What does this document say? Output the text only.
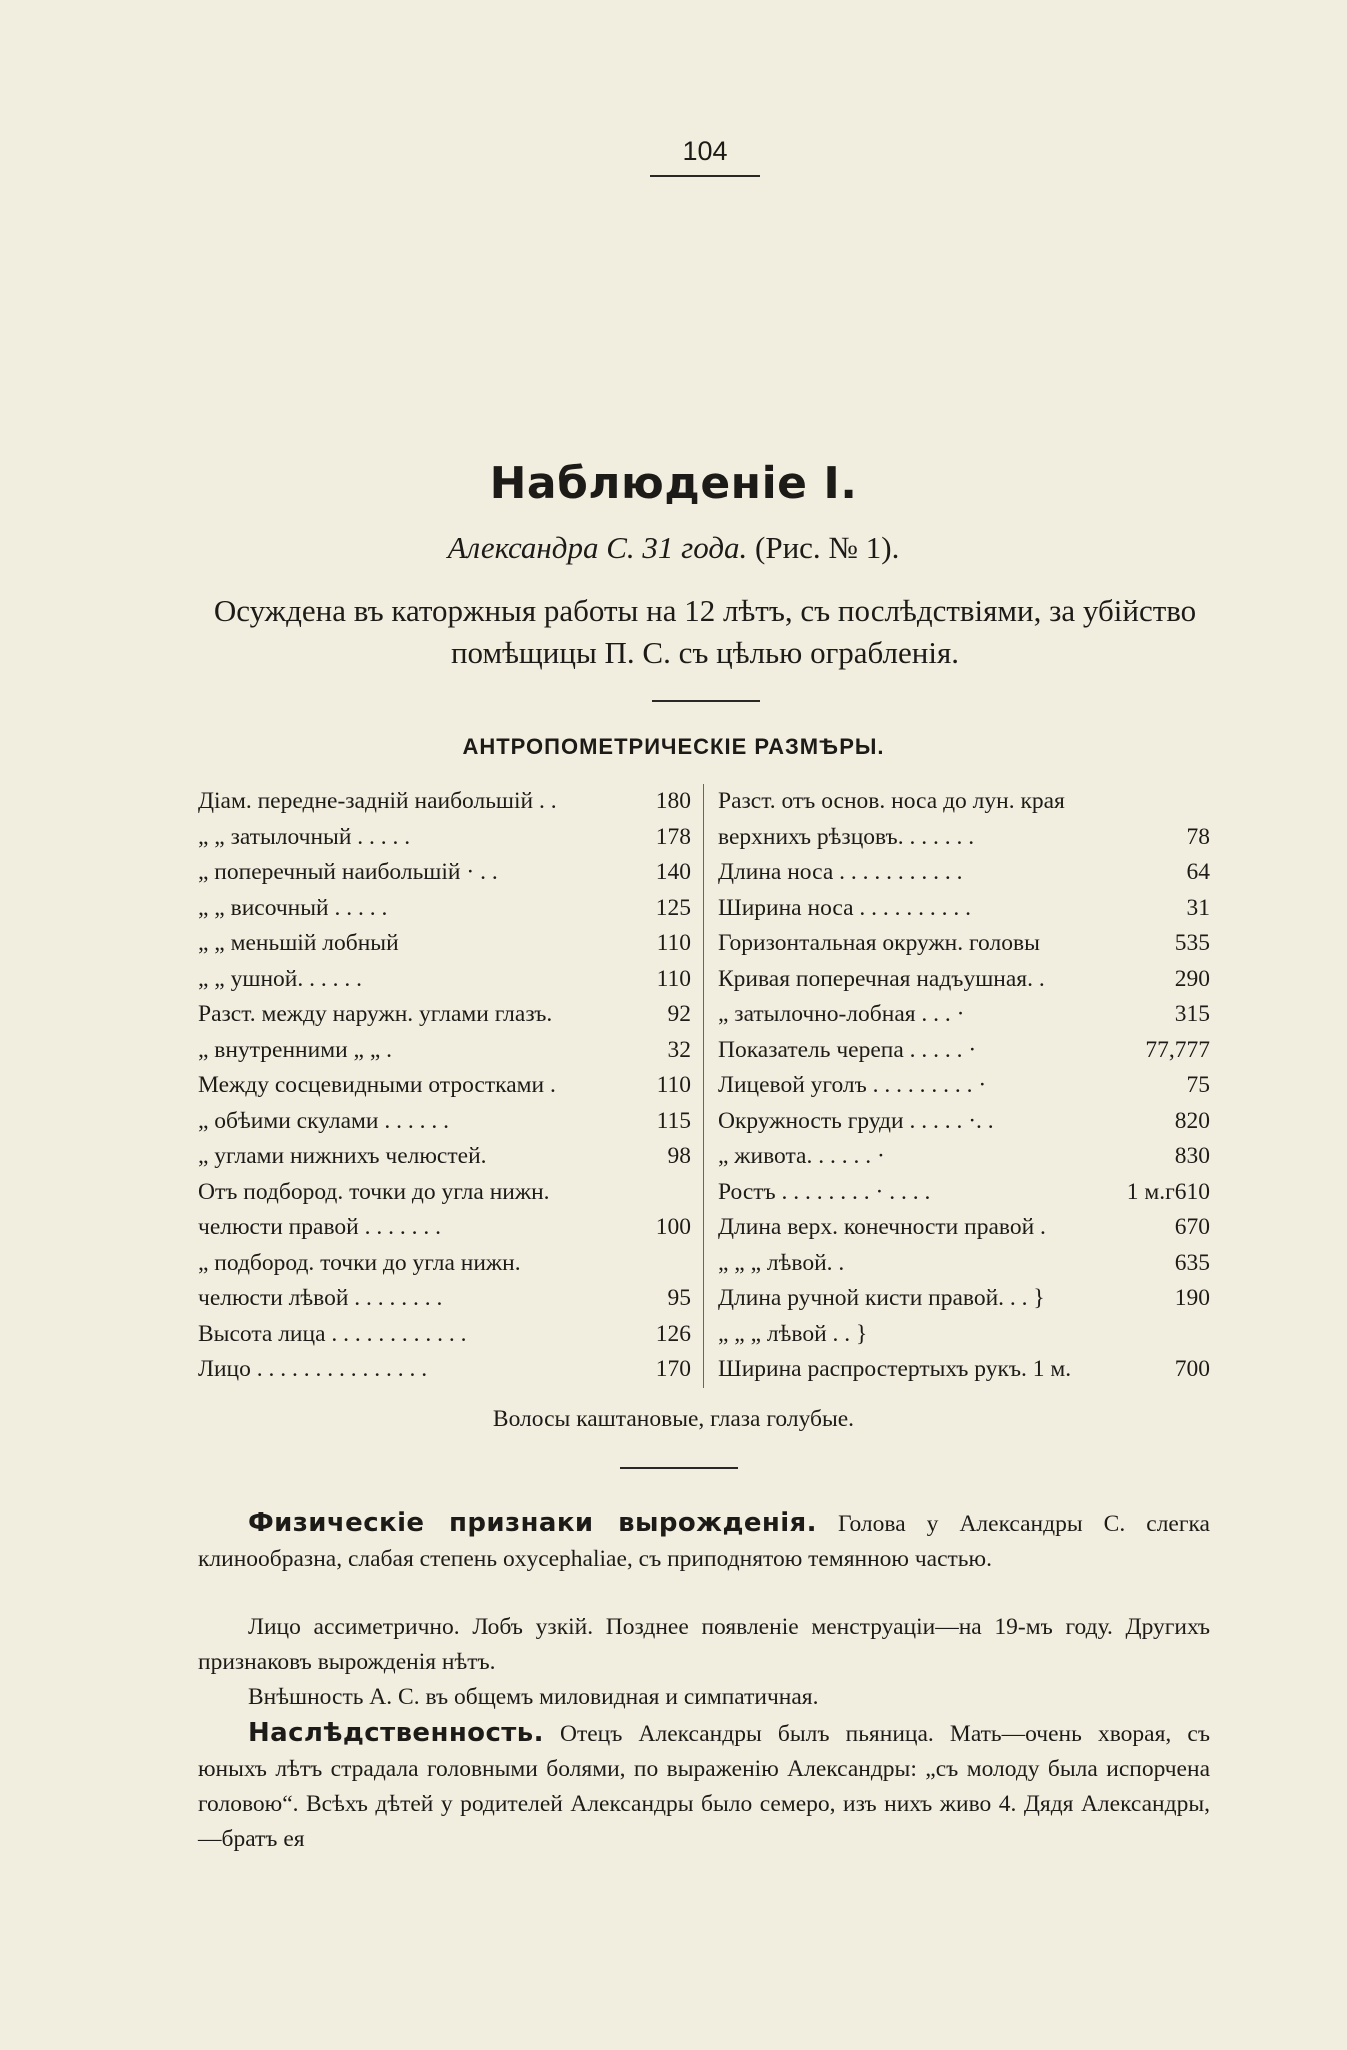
104
Наблюденіе I.
Александра С. 31 года. (Рис. № 1).
Осуждена въ каторжныя работы на 12 лѣтъ, съ послѣдствіями, за убійство помѣщицы П. С. съ цѣлью ограбленія.
АНТРОПОМЕТРИЧЕСКІЕ РАЗМѢРЫ.
Діам. передне-задній наибольшій . .	180
„ „ затылочный . . . . .	178
„ поперечный наибольшій · . .	140
„ „ височный . . . . .	125
„ „ меньшій лобный	110
„ „ ушной. . . . . .	110
Разст. между наружн. углами глазъ.	92
„ внутренними „ „ .	32
Между сосцевидными отростками .	110
„ обѣими скулами . . . . . .	115
„ углами нижнихъ челюстей.	98
Отъ подбород. точки до угла нижн.
челюсти правой . . . . . . .	100
„ подбород. точки до угла нижн.
челюсти лѣвой . . . . . . . .	95
Высота лица . . . . . . . . . . . .	126
Лицо . . . . . . . . . . . . . . .	170
Разст. отъ основ. носа до лун. края
верхнихъ рѣзцовъ. . . . . . .	78
Длина носа . . . . . . . . . . .	64
Ширина носа . . . . . . . . . .	31
Горизонтальная окружн. головы	535
Кривая поперечная надъушная. .	290
„ затылочно-лобная . . . ·	315
Показатель черепа . . . . . ·	77,777
Лицевой уголъ . . . . . . . . . ·	75
Окружность груди . . . . . ·. .	820
„ живота. . . . . . ·	830
Ростъ . . . . . . . . · . . . .	1 м.г610
Длина верх. конечности правой .	670
„ „ „ лѣвой. .	635
Длина ручной кисти правой. . . }	190
„ „ „ лѣвой . . }
Ширина распростертыхъ рукъ. 1 м.	700
Волосы каштановые, глаза голубые.
Физическіе признаки вырожденія. Голова у Александры С. слегка клинообразна, слабая степень oxycephaliae, съ приподнятою темянною частью.
Лицо ассиметрично. Лобъ узкій. Позднее появленіе менструаціи—на 19-мъ году. Другихъ признаковъ вырожденія нѣтъ.
Внѣшность А. С. въ общемъ миловидная и симпатичная.
Наслѣдственность. Отецъ Александры былъ пьяница. Мать—очень хворая, съ юныхъ лѣтъ страдала головными болями, по выраженію Александры: „съ молоду была испорчена головою“. Всѣхъ дѣтей у родителей Александры было семеро, изъ нихъ живо 4. Дядя Александры,—братъ ея
